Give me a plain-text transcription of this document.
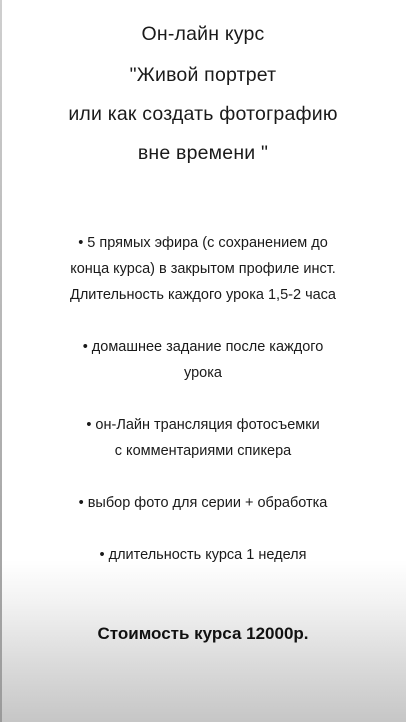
Он-лайн курс
"Живой портрет
или как создать фотографию
вне времени "
• 5 прямых эфира (с сохранением до
конца курса) в закрытом профиле инст.
Длительность каждого урока 1,5-2 часа
• домашнее задание после каждого
урока
• он-Лайн трансляция фотосъемки
с комментариями спикера
• выбор фото для серии + обработка
• длительность курса 1 неделя
Стоимость курса 12000р.
